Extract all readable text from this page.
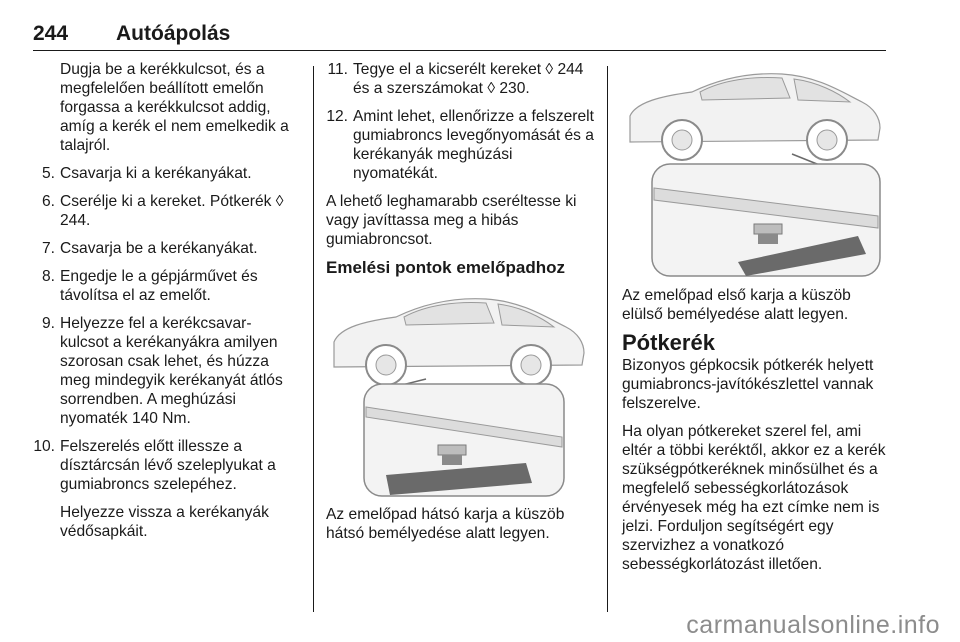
244 Autóápolás

Dugja be a kerékkulcsot, és a megfelelően beállított emelőn forgassa a kerékkulcsot addig, amíg a kerék el nem emelkedik a talajról.

5. Csavarja ki a kerékanyákat.
6. Cserélje ki a kereket. Pótkerék ◊ 244.
7. Csavarja be a kerékanyákat.
8. Engedje le a gépjárművet és távolítsa el az emelőt.
9. Helyezze fel a kerékcsavar-kulcsot a kerékanyákra amilyen szorosan csak lehet, és húzza meg mindegyik kerékanyát átlós sorrendben. A meghúzási nyomaték 140 Nm.
10. Felszerelés előtt illessze a dísztárcsán lévő szeleplyukat a gumiabroncs szelepéhez.

Helyezze vissza a kerékanyák védősapkáit.

11. Tegye el a kicserélt kereket ◊ 244 és a szerszámokat ◊ 230.
12. Amint lehet, ellenőrizze a felszerelt gumiabroncs levegőnyomását és a kerékanyák meghúzási nyomatékát.

A lehető leghamarabb cseréltesse ki vagy javíttassa meg a hibás gumiabroncsot.

Emelési pontok emelőpadhoz

Az emelőpad hátsó karja a küszöb hátsó bemélyedése alatt legyen.

Az emelőpad első karja a küszöb elülső bemélyedése alatt legyen.

Pótkerék

Bizonyos gépkocsik pótkerék helyett gumiabroncs-javítókészlettel vannak felszerelve.

Ha olyan pótkereket szerel fel, ami eltér a többi keréktől, akkor ez a kerék szükségpótkeréknek minősülhet és a megfelelő sebességkorlátozások érvényesek még ha ezt címke nem is jelzi. Forduljon segítségért egy szervizhez a vonatkozó sebességkorlátozást illetően.

carmanualsonline.info
